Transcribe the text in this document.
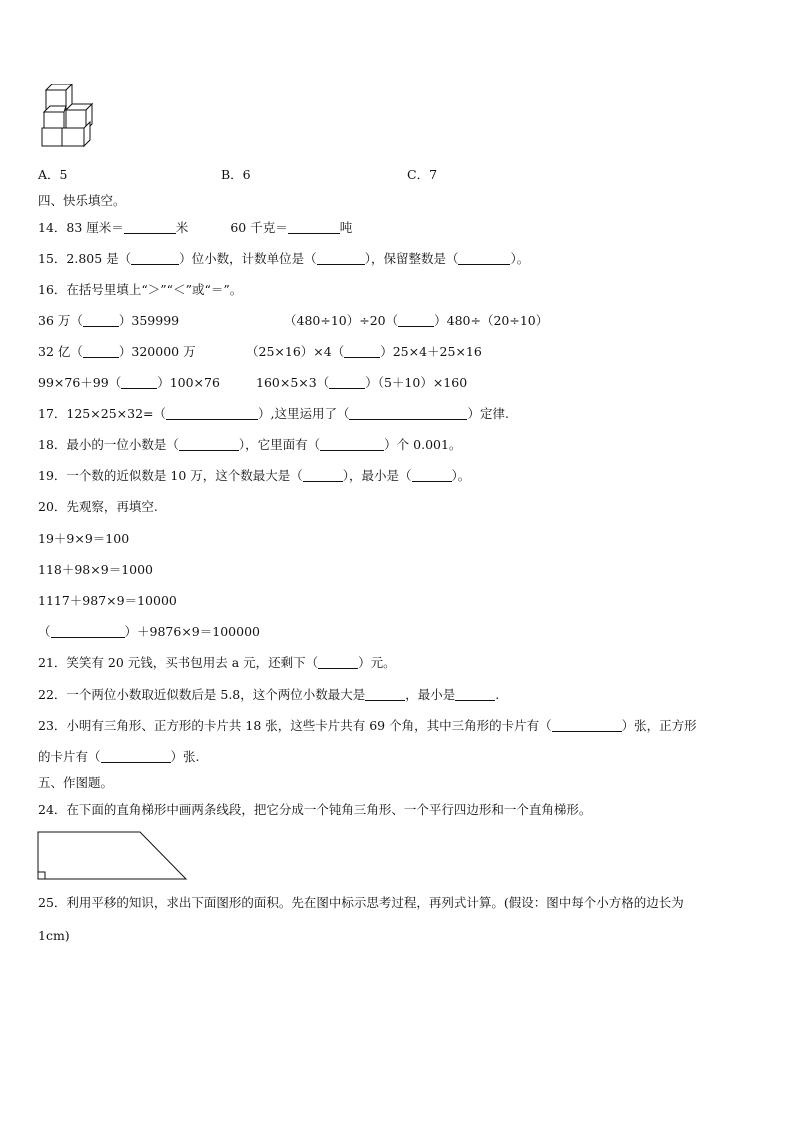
A．5	B．6	C．7
四、快乐填空。
14．83 厘米＝	米	60 千克＝	吨
15．2.805 是（	）位小数，计数单位是（	），保留整数是（	）。
16．在括号里填上“＞”“＜”或“＝”。
36 万（	）359999	（480÷10）÷20（	）480÷（20÷10）
32 亿（	）320000 万	（25×16）×4（	）25×4＋25×16
99×76＋99（	）100×76	160×5×3（	）（5＋10）×160
17．125×25×32=（	）,这里运用了（	）定律.
18．最小的一位小数是（	），它里面有（	）个 0.001。
19．一个数的近似数是 10 万，这个数最大是（	），最小是（	）。
20．先观察，再填空.
19＋9×9＝100
118＋98×9＝1000
1117＋987×9＝10000
（	）＋9876×9＝100000
21．笑笑有 20 元钱，买书包用去 a 元，还剩下（	）元。
22．一个两位小数取近似数后是 5.8，这个两位小数最大是	，最小是	.
23．小明有三角形、正方形的卡片共 18 张，这些卡片共有 69 个角，其中三角形的卡片有（	）张，正方形
的卡片有（	）张.
五、作图题。
24．在下面的直角梯形中画两条线段，把它分成一个钝角三角形、一个平行四边形和一个直角梯形。
25．利用平移的知识，求出下面图形的面积。先在图中标示思考过程，再列式计算。(假设：图中每个小方格的边长为
1cm)
